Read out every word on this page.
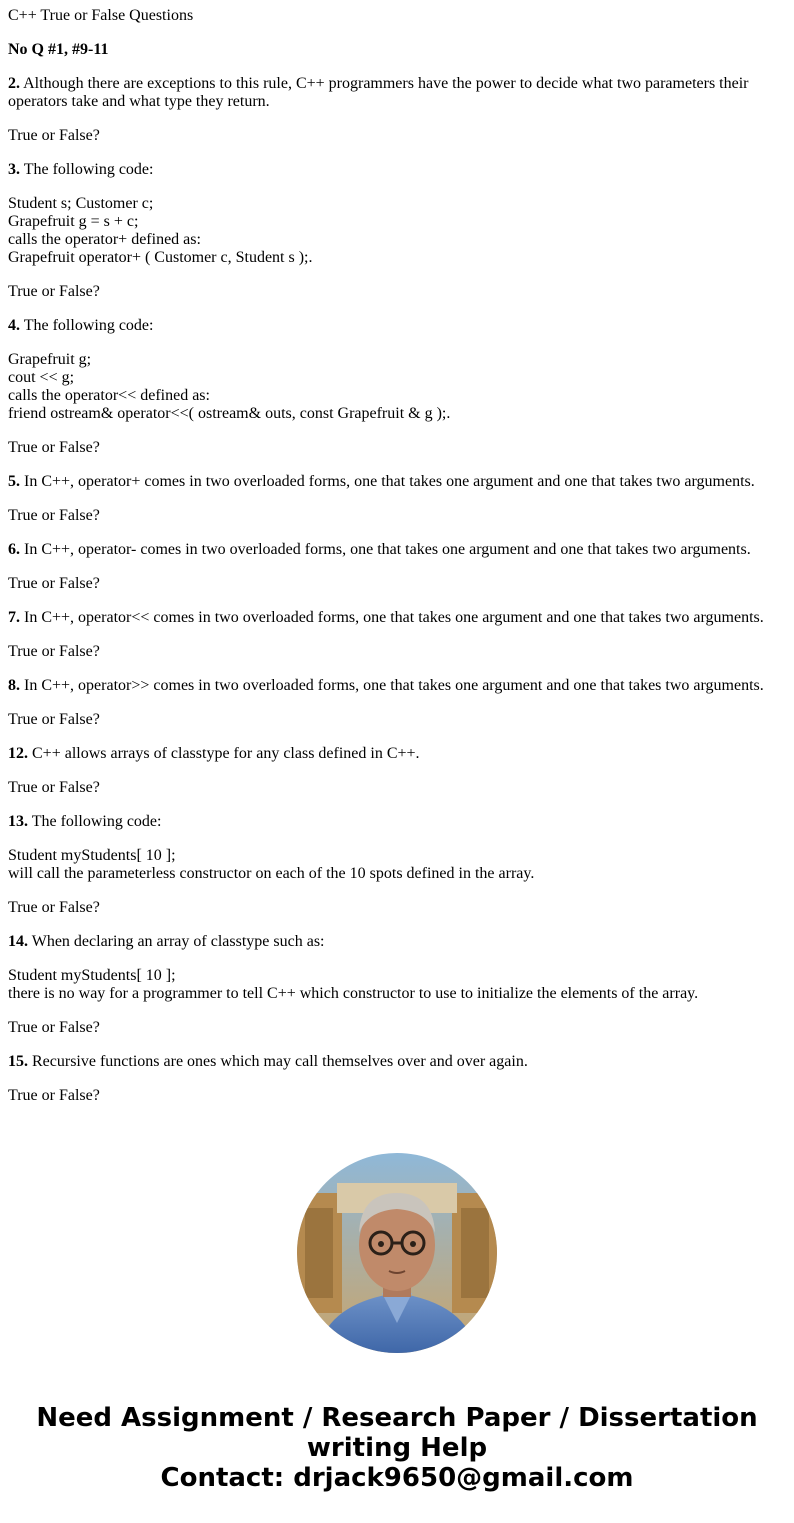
C++ True or False Questions

No Q #1, #9-11

2. Although there are exceptions to this rule, C++ programmers have the power to decide what two parameters their operators take and what type they return.

True or False?

3. The following code:

Student s; Customer c;
Grapefruit g = s + c;
calls the operator+ defined as:
Grapefruit operator+ ( Customer c, Student s );.

True or False?

4. The following code:

Grapefruit g;
cout << g;
calls the operator<< defined as:
friend ostream& operator<<( ostream& outs, const Grapefruit & g );.

True or False?

5. In C++, operator+ comes in two overloaded forms, one that takes one argument and one that takes two arguments.

True or False?

6. In C++, operator- comes in two overloaded forms, one that takes one argument and one that takes two arguments.

True or False?

7. In C++, operator<< comes in two overloaded forms, one that takes one argument and one that takes two arguments.

True or False?

8. In C++, operator>> comes in two overloaded forms, one that takes one argument and one that takes two arguments.

True or False?

12. C++ allows arrays of classtype for any class defined in C++.

True or False?

13. The following code:

Student myStudents[ 10 ];
will call the parameterless constructor on each of the 10 spots defined in the array.

True or False?

14. When declaring an array of classtype such as:

Student myStudents[ 10 ];
there is no way for a programmer to tell C++ which constructor to use to initialize the elements of the array.

True or False?

15. Recursive functions are ones which may call themselves over and over again.

True or False?

Need Assignment / Research Paper / Dissertation
writing Help
Contact: drjack9650@gmail.com
